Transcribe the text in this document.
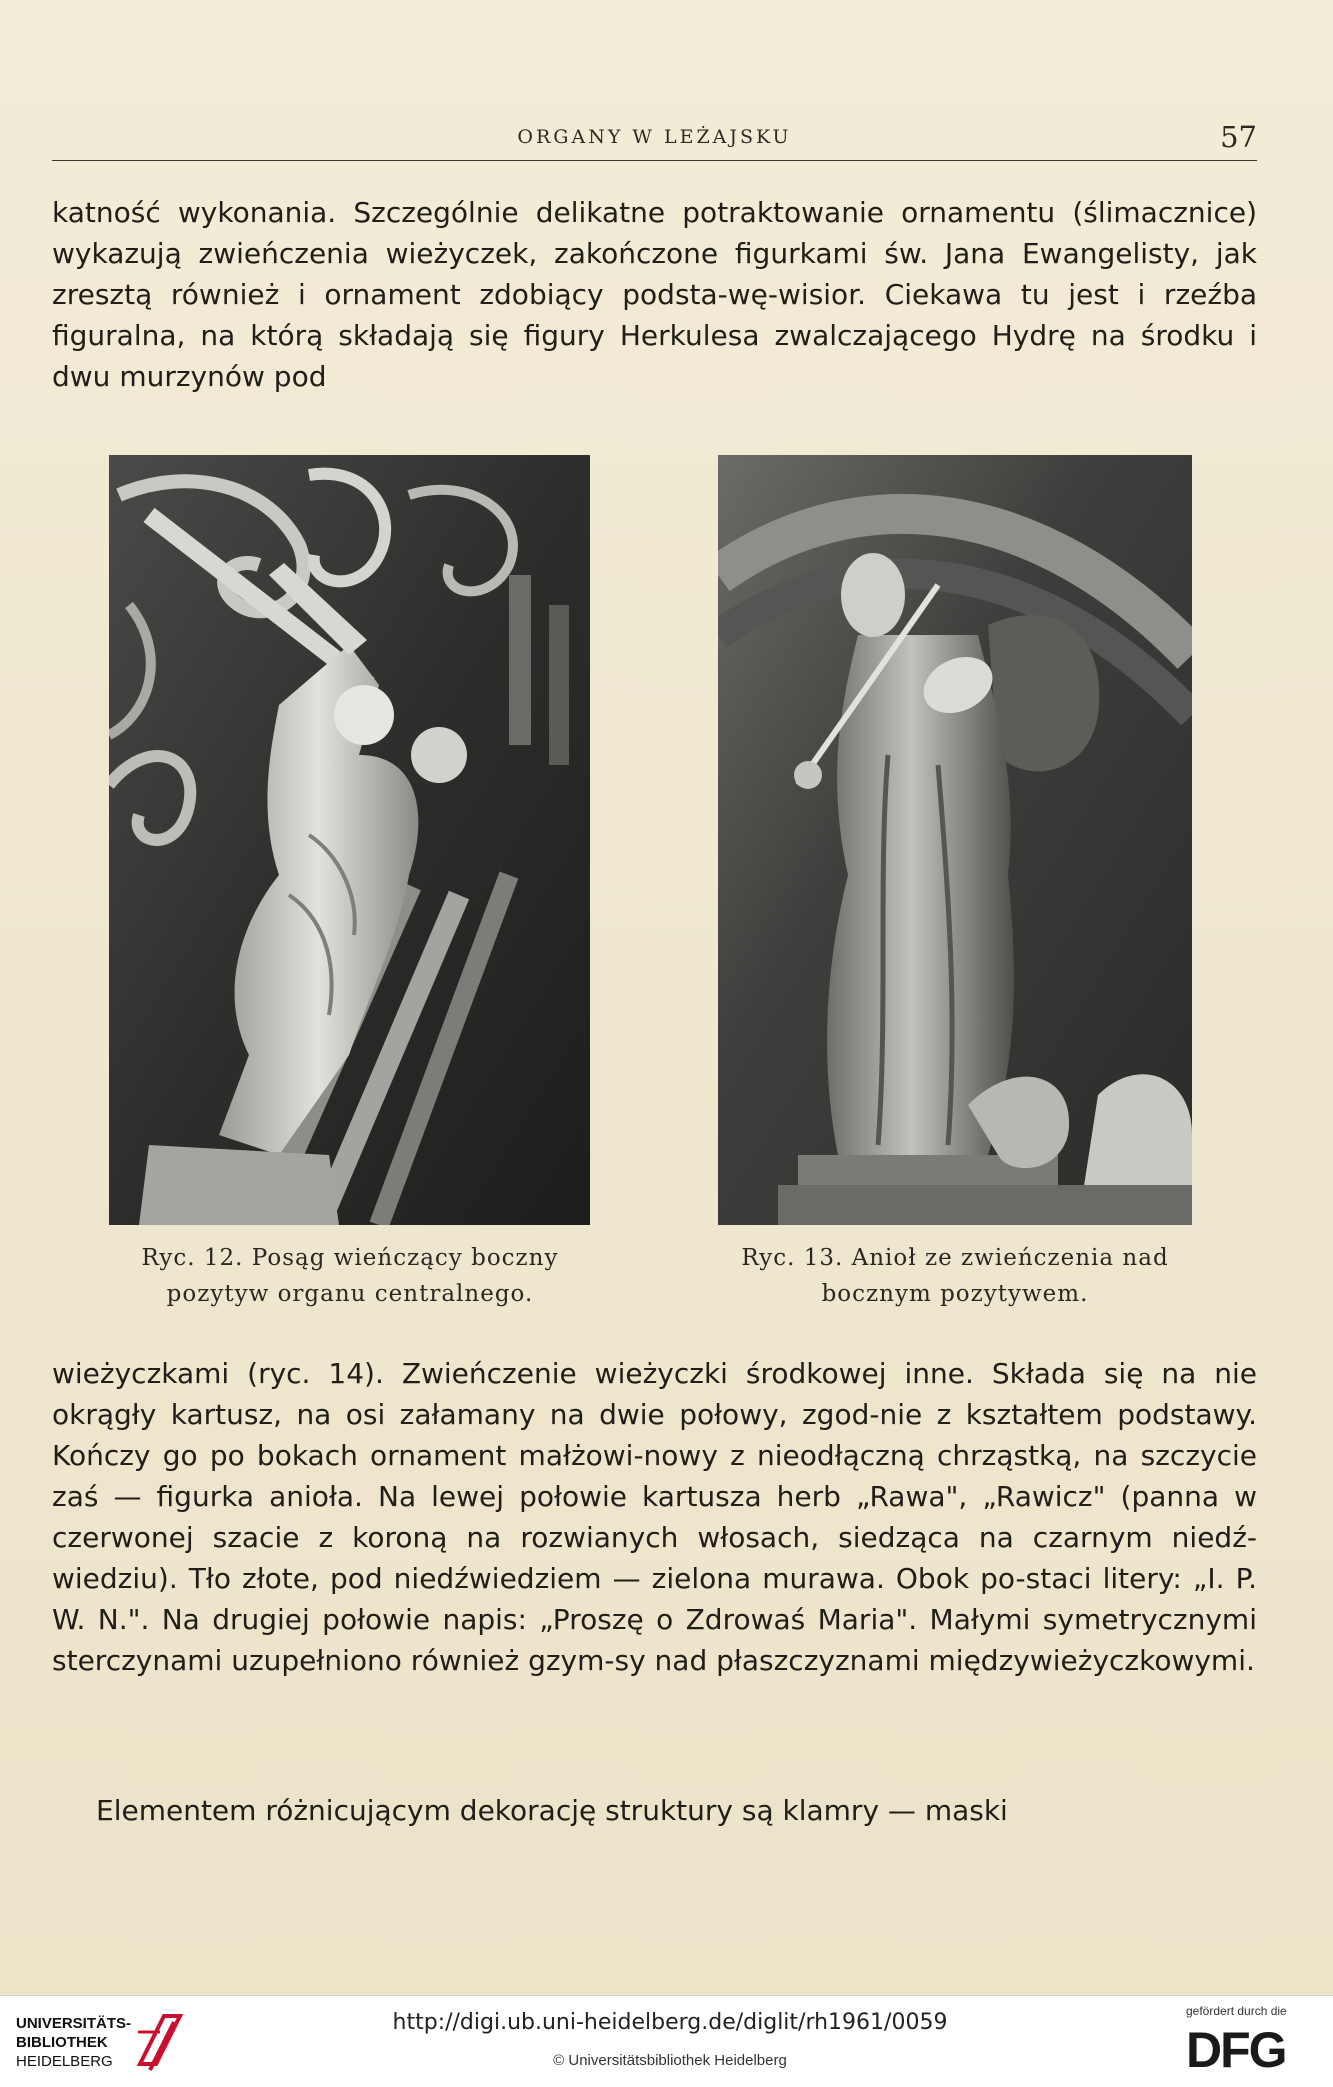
ORGANY W LEŻAJSKU	57

katność wykonania. Szczególnie delikatne potraktowanie ornamentu (ślimacznice) wykazują zwieńczenia wieżyczek, zakończone figurkami św. Jana Ewangelisty, jak zresztą również i ornament zdobiący podsta-wę-wisior. Ciekawa tu jest i rzeźba figuralna, na którą składają się figury Herkulesa zwalczającego Hydrę na środku i dwu murzynów pod

Ryc. 12. Posąg wieńczący boczny
pozytyw organu centralnego.
Ryc. 13. Anioł ze zwieńczenia nad
bocznym pozytywem.

wieżyczkami (ryc. 14). Zwieńczenie wieżyczki środkowej inne. Składa się na nie okrągły kartusz, na osi załamany na dwie połowy, zgod-nie z kształtem podstawy. Kończy go po bokach ornament małżowi-nowy z nieodłączną chrząstką, na szczycie zaś — figurka anioła. Na lewej połowie kartusza herb „Rawa", „Rawicz" (panna w czerwonej szacie z koroną na rozwianych włosach, siedząca na czarnym niedź-wiedziu). Tło złote, pod niedźwiedziem — zielona murawa. Obok po-staci litery: „I. P. W. N.". Na drugiej połowie napis: „Proszę o Zdrowaś Maria". Małymi symetrycznymi sterczynami uzupełniono również gzym-sy nad płaszczyznami międzywieżyczkowymi.

Elementem różnicującym dekorację struktury są klamry — maski

UNIVERSITÄTS-
BIBLIOTHEK
HEIDELBERG
http://digi.ub.uni-heidelberg.de/diglit/rh1961/0059
© Universitätsbibliothek Heidelberg
gefördert durch die
DFG
